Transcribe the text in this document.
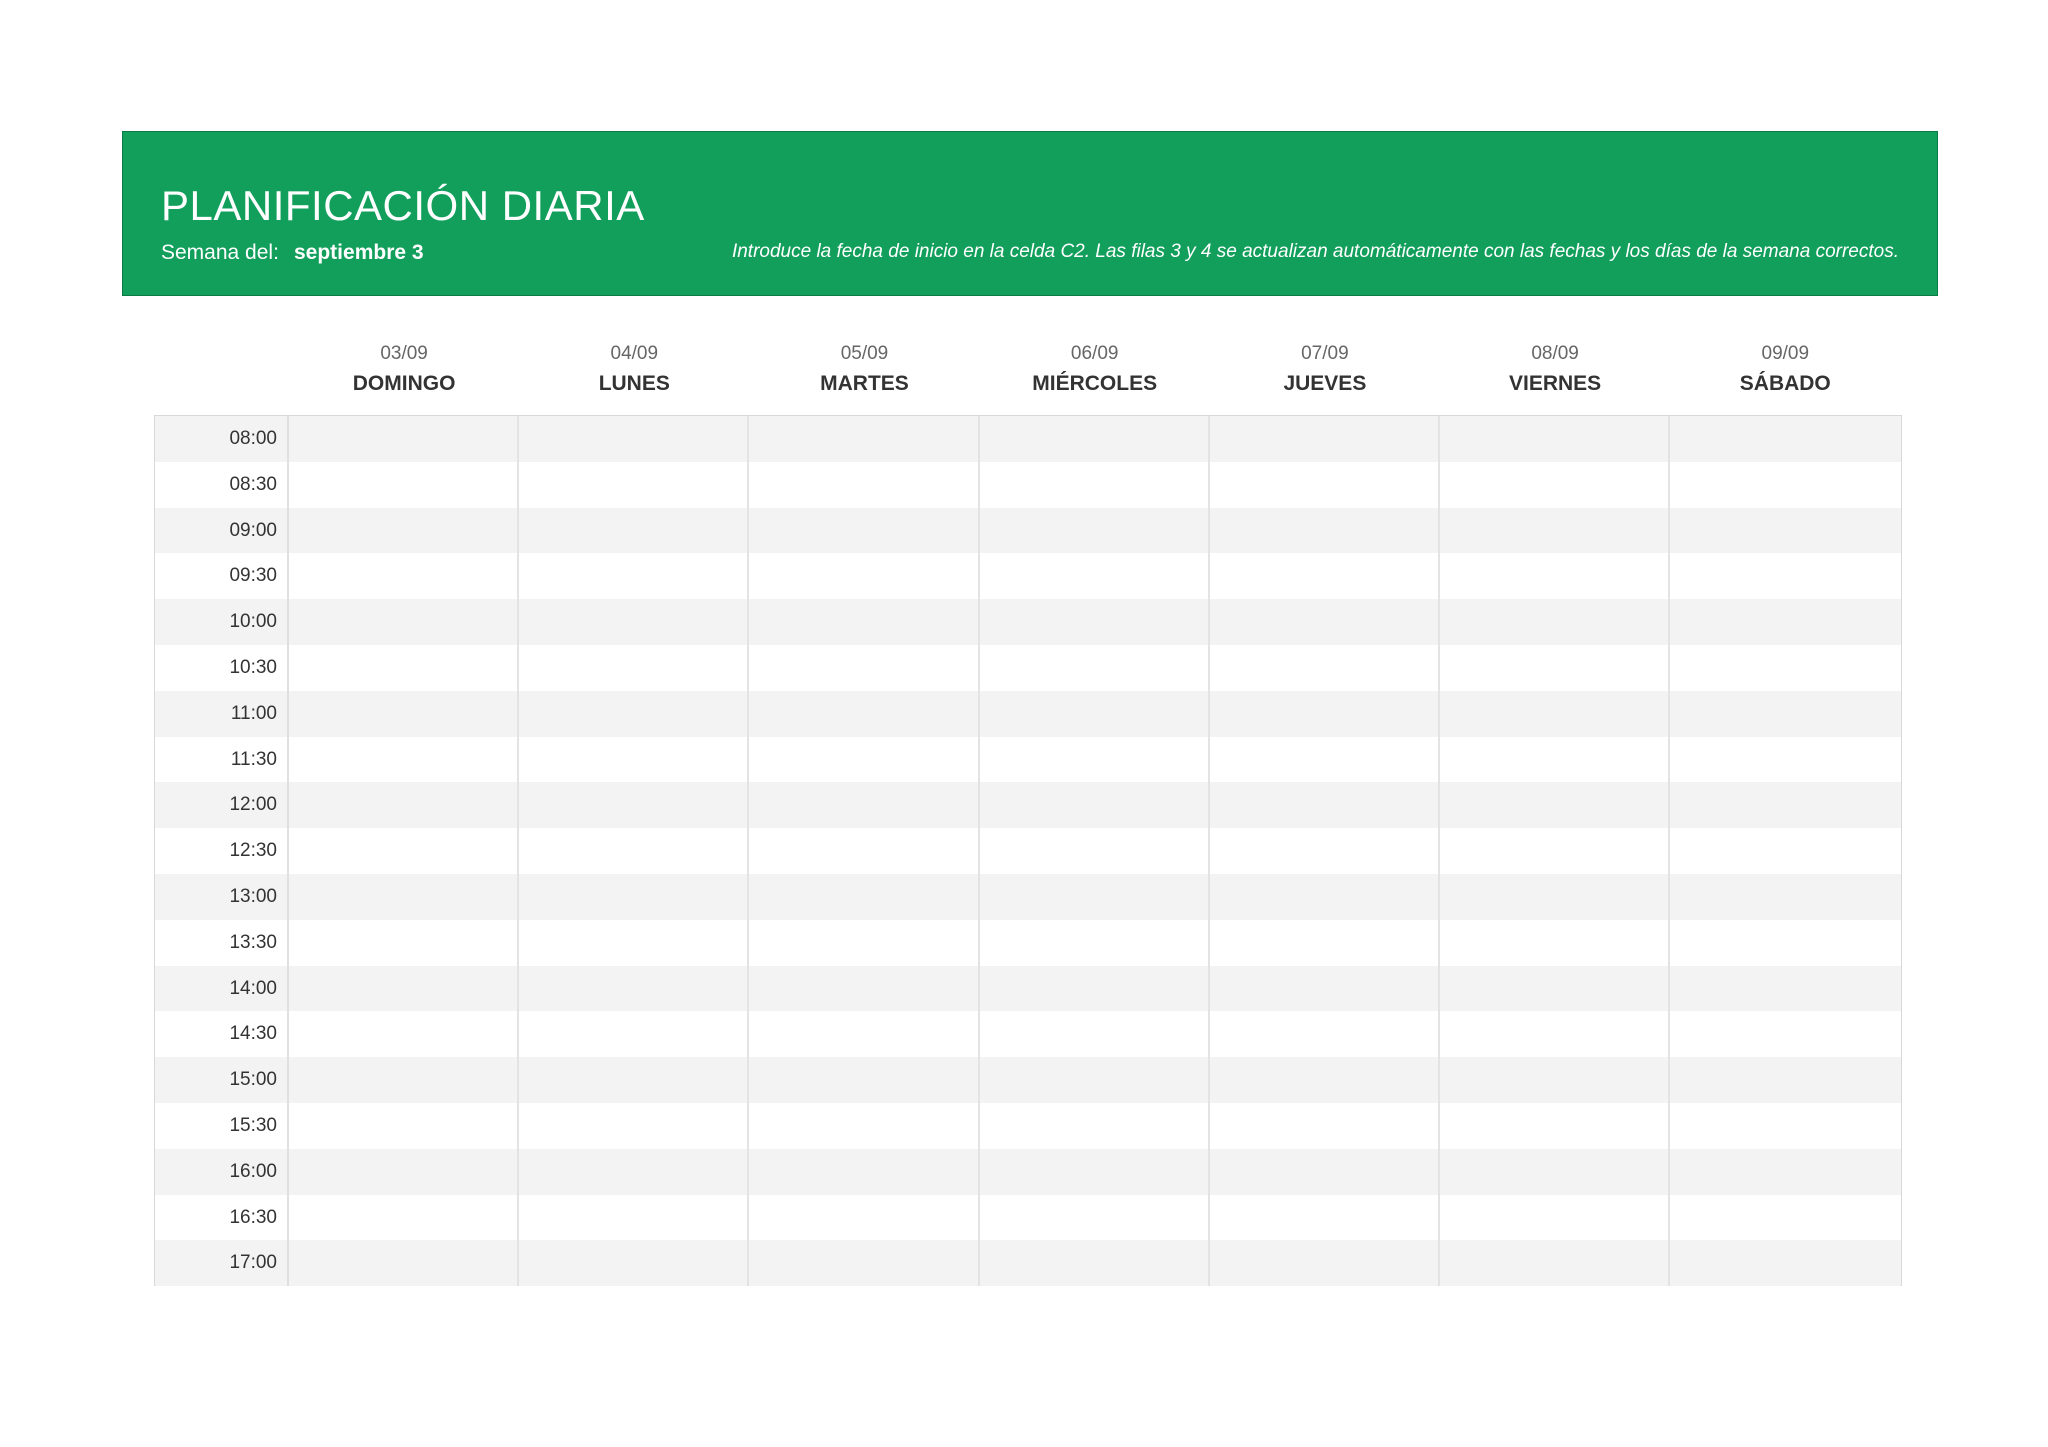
PLANIFICACIÓN DIARIA
Semana del: septiembre 3	Introduce la fecha de inicio en la celda C2. Las filas 3 y 4 se actualizan automáticamente con las fechas y los días de la semana correctos.
03/09
DOMINGO
04/09
LUNES
05/09
MARTES
06/09
MIÉRCOLES
07/09
JUEVES
08/09
VIERNES
09/09
SÁBADO
08:00
08:30
09:00
09:30
10:00
10:30
11:00
11:30
12:00
12:30
13:00
13:30
14:00
14:30
15:00
15:30
16:00
16:30
17:00
